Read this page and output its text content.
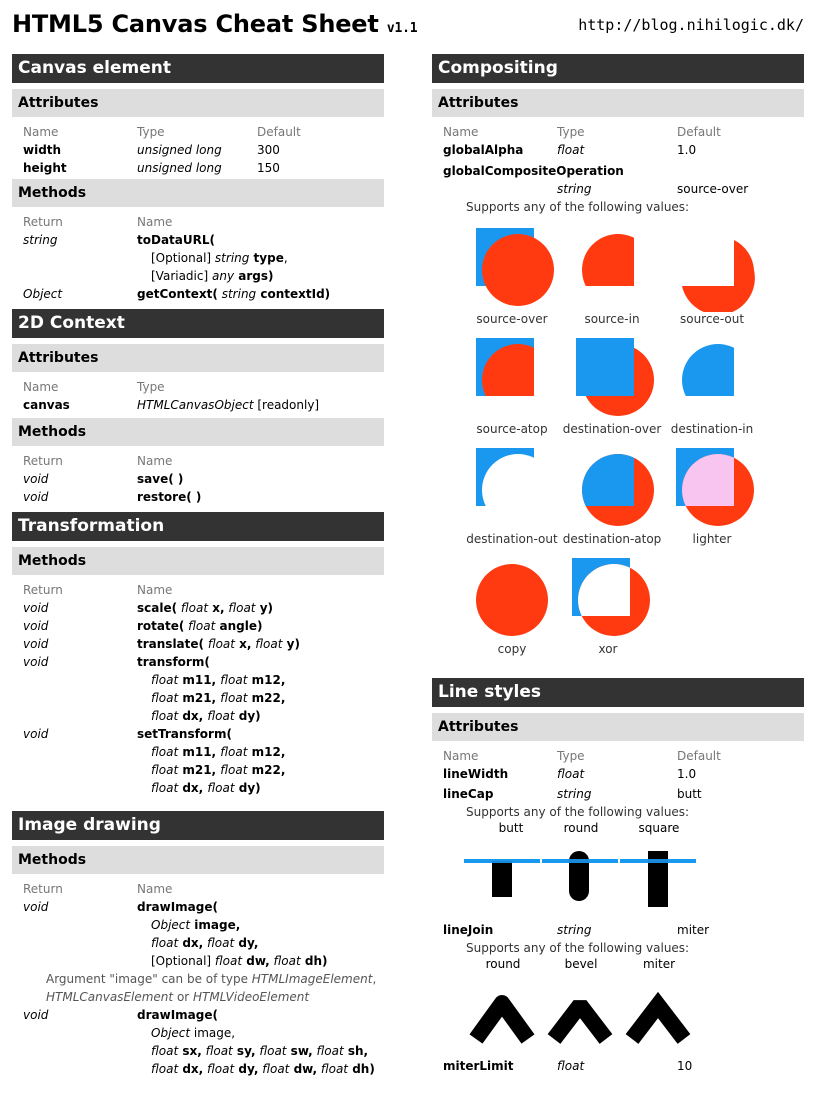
HTML5 Canvas Cheat Sheet v1.1	http://blog.nihilogic.dk/
Canvas element
Attributes
Name	Type	Default
width	unsigned long	300
height	unsigned long	150
Methods
Return	Name
string	toDataURL(
[Optional] string type,
[Variadic] any args)
Object	getContext( string contextId)
2D Context
Attributes
Name	Type
canvas	HTMLCanvasObject [readonly]
Methods
Return	Name
void	save( )
void	restore( )
Transformation
Methods
Return	Name
void	scale( float x, float y)
void	rotate( float angle)
void	translate( float x, float y)
void	transform(
float m11, float m12,
float m21, float m22,
float dx, float dy)
void	setTransform(
float m11, float m12,
float m21, float m22,
float dx, float dy)
Image drawing
Methods
Return	Name
void	drawImage(
Object image,
float dx, float dy,
[Optional] float dw, float dh)
Argument "image" can be of type HTMLImageElement,
HTMLCanvasElement or HTMLVideoElement
void	drawImage(
Object image,
float sx, float sy, float sw, float sh,
float dx, float dy, float dw, float dh)
Compositing
Attributes
Name	Type	Default
globalAlpha	float	1.0
globalCompositeOperation
string	source-over
Supports any of the following values:
source-over	source-in	source-out
source-atop	destination-over destination-in
destination-out destination-atop	lighter
copy	xor
Line styles
Attributes
Name	Type	Default
lineWidth	float	1.0
lineCap	string	butt
Supports any of the following values:
butt	round	square
lineJoin	string	miter
Supports any of the following values:
round	bevel	miter
miterLimit	float	10
